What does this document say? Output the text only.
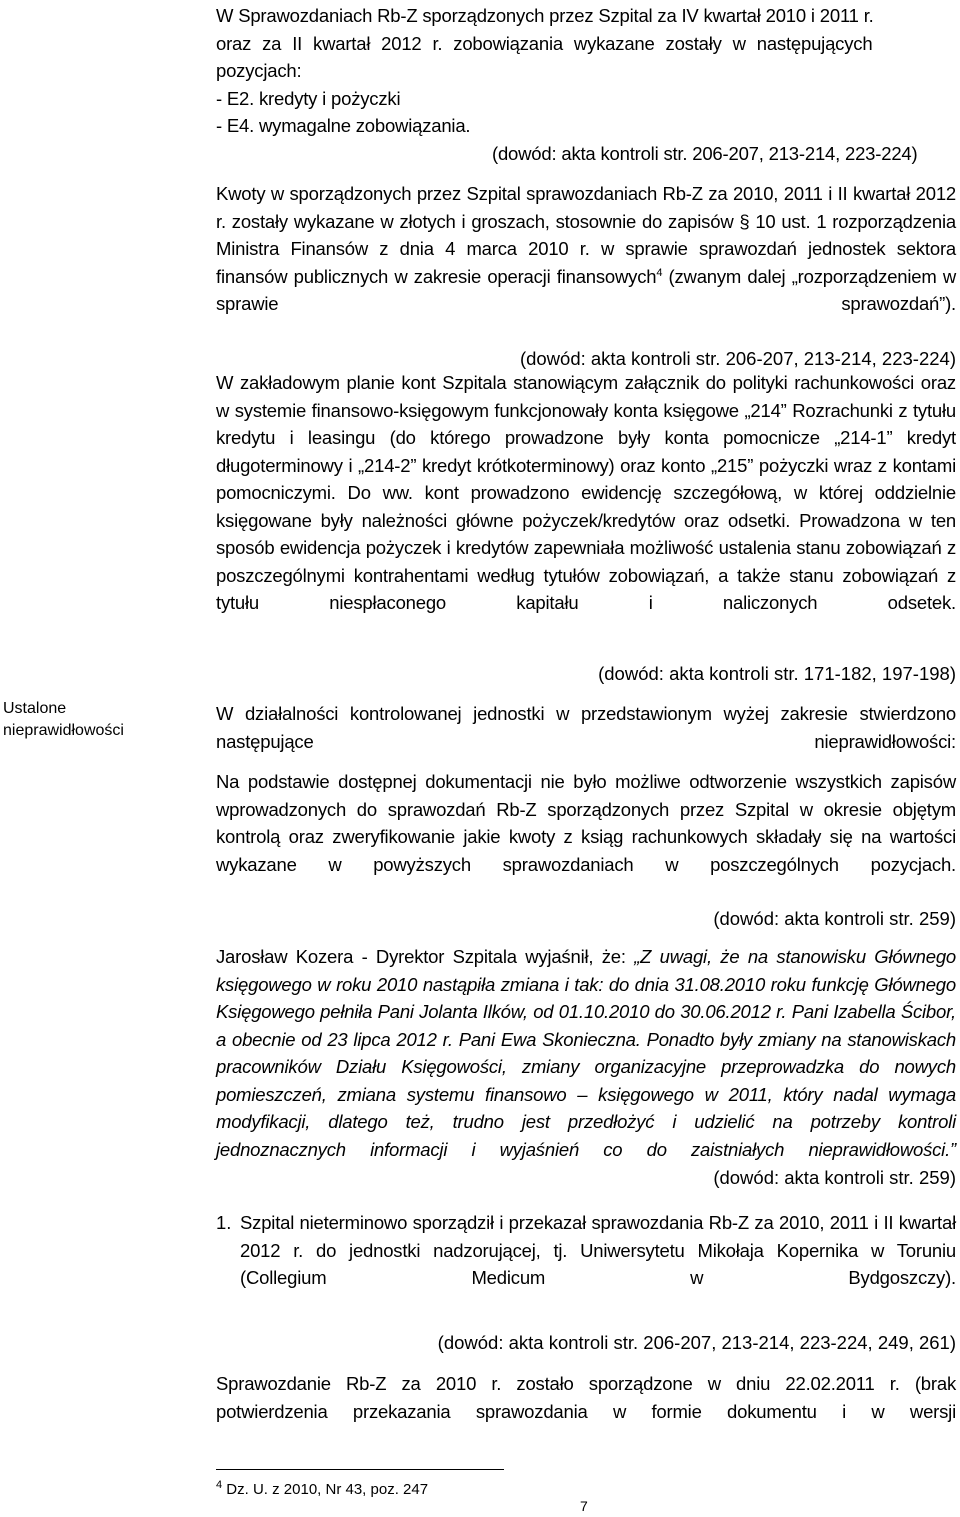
Ustalone
nieprawidłowości
W Sprawozdaniach Rb-Z sporządzonych przez Szpital za IV kwartał 2010 i 2011 r.
oraz za II kwartał 2012 r. zobowiązania wykazane zostały w następujących
pozycjach:
- E2. kredyty i pożyczki
- E4. wymagalne zobowiązania.
(dowód: akta kontroli str. 206-207, 213-214, 223-224)

Kwoty w sporządzonych przez Szpital sprawozdaniach Rb-Z za 2010, 2011 i II kwartał 2012 r. zostały wykazane w złotych i groszach, stosownie do zapisów § 10 ust. 1 rozporządzenia Ministra Finansów z dnia 4 marca 2010 r. w sprawie sprawozdań jednostek sektora finansów publicznych w zakresie operacji finansowych$^4$ (zwanym dalej „rozporządzeniem w sprawie sprawozdań”).

(dowód: akta kontroli str. 206-207, 213-214, 223-224)

W zakładowym planie kont Szpitala stanowiącym załącznik do polityki rachunkowości oraz w systemie finansowo-księgowym funkcjonowały konta księgowe „214” Rozrachunki z tytułu kredytu i leasingu (do którego prowadzone były konta pomocnicze „214-1” kredyt długoterminowy i „214-2” kredyt krótkoterminowy) oraz konto „215” pożyczki wraz z kontami pomocniczymi. Do ww. kont prowadzono ewidencję szczegółową, w której oddzielnie księgowane były należności główne pożyczek/kredytów oraz odsetki. Prowadzona w ten sposób ewidencja pożyczek i kredytów zapewniała możliwość ustalenia stanu zobowiązań z poszczególnymi kontrahentami według tytułów zobowiązań, a także stanu zobowiązań z tytułu niespłaconego kapitału i naliczonych odsetek.

(dowód: akta kontroli str. 171-182, 197-198)

W działalności kontrolowanej jednostki w przedstawionym wyżej zakresie stwierdzono następujące nieprawidłowości:

Na podstawie dostępnej dokumentacji nie było możliwe odtworzenie wszystkich zapisów wprowadzonych do sprawozdań Rb-Z sporządzonych przez Szpital w okresie objętym kontrolą oraz zweryfikowanie jakie kwoty z ksiąg rachunkowych składały się na wartości wykazane w powyższych sprawozdaniach w poszczególnych pozycjach.

(dowód: akta kontroli str. 259)

Jarosław Kozera - Dyrektor Szpitala wyjaśnił, że: „Z uwagi, że na stanowisku Głównego księgowego w roku 2010 nastąpiła zmiana i tak: do dnia 31.08.2010 roku funkcję Głównego Księgowego pełniła Pani Jolanta Ilków, od 01.10.2010 do 30.06.2012 r. Pani Izabella Ścibor, a obecnie od 23 lipca 2012 r. Pani Ewa Skonieczna. Ponadto były zmiany na stanowiskach pracowników Działu Księgowości, zmiany organizacyjne przeprowadzka do nowych pomieszczeń, zmiana systemu finansowo – księgowego w 2011, który nadal wymaga modyfikacji, dlatego też, trudno jest przedłożyć i udzielić na potrzeby kontroli jednoznacznych informacji i wyjaśnień co do zaistniałych nieprawidłowości.”

(dowód: akta kontroli str. 259)
1. Szpital nieterminowo sporządził i przekazał sprawozdania Rb-Z za 2010, 2011 i II kwartał 2012 r. do jednostki nadzorującej, tj. Uniwersytetu Mikołaja Kopernika w Toruniu (Collegium Medicum w Bydgoszczy).

(dowód: akta kontroli str. 206-207, 213-214, 223-224, 249, 261)

Sprawozdanie Rb-Z za 2010 r. zostało sporządzone w dniu 22.02.2011 r. (brak potwierdzenia przekazania sprawozdania w formie dokumentu i w wersji

$^4$ Dz. U. z 2010, Nr 43, poz. 247
7
